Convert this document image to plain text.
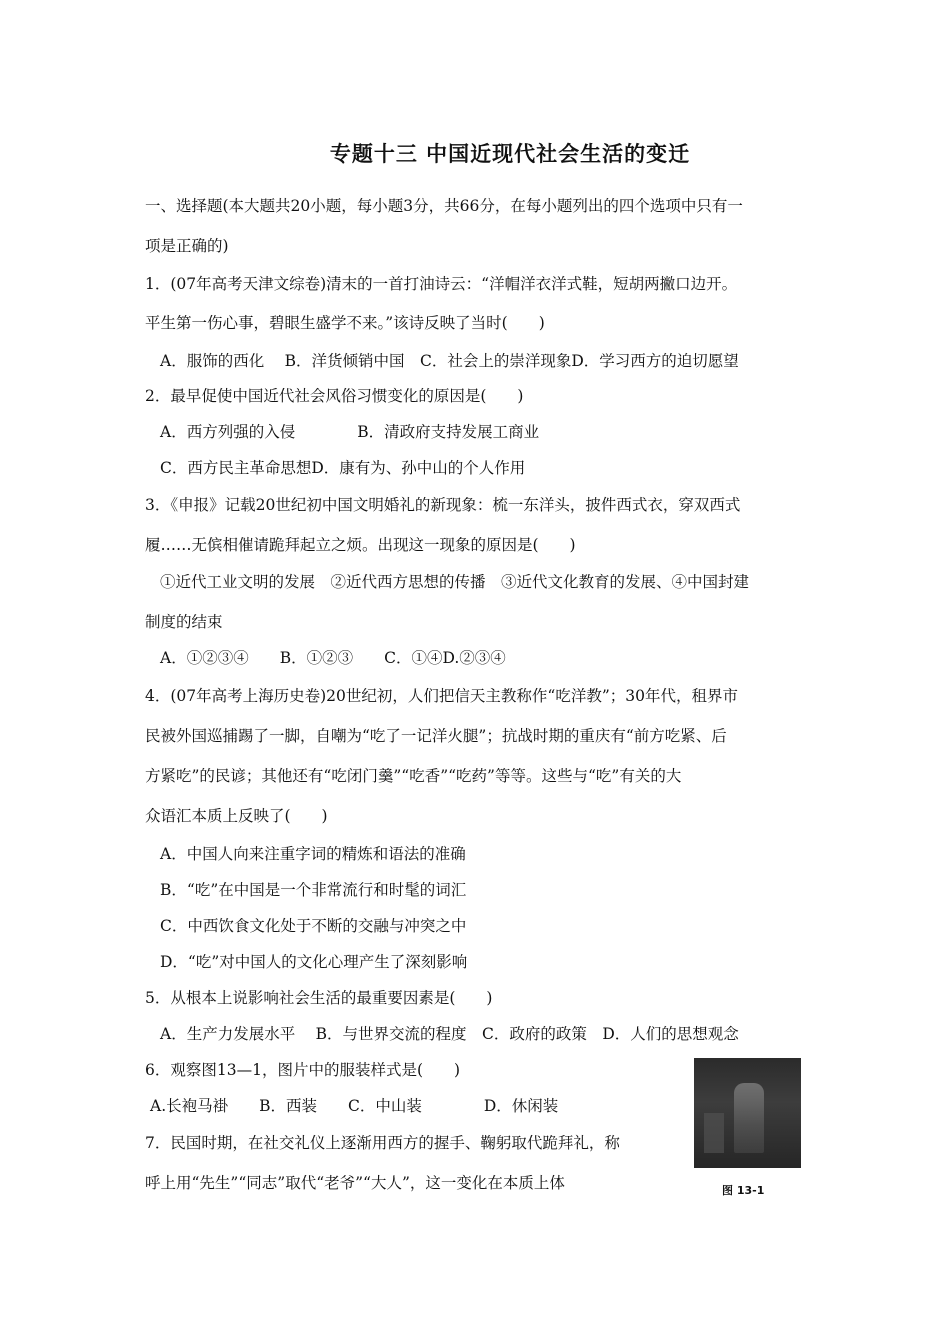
专题十三 中国近现代社会生活的变迁
一、选择题(本大题共20小题，每小题3分，共66分，在每小题列出的四个选项中只有一
项是正确的)
1．(07年高考天津文综卷)清末的一首打油诗云：“洋帽洋衣洋式鞋，短胡两撇口边开。
平生第一伤心事，碧眼生盛学不来。”该诗反映了当时(　　)
A．服饰的西化　 B．洋货倾销中国　C．社会上的崇洋现象D．学习西方的迫切愿望
2．最早促使中国近代社会风俗习惯变化的原因是(　　)
A．西方列强的入侵　　　　B．清政府支持发展工商业
C．西方民主革命思想D．康有为、孙中山的个人作用
3．《申报》记载20世纪初中国文明婚礼的新现象：梳一东洋头，披件西式衣，穿双西式
履……无傧相催请跪拜起立之烦。出现这一现象的原因是(　　)
①近代工业文明的发展　②近代西方思想的传播　③近代文化教育的发展、④中国封建
制度的结束
A．①②③④　　B．①②③　　C．①④D.②③④
4．(07年高考上海历史卷)20世纪初，人们把信天主教称作“吃洋教”；30年代，租界市
民被外国巡捕踢了一脚，自嘲为“吃了一记洋火腿”；抗战时期的重庆有“前方吃紧、后
方紧吃”的民谚；其他还有“吃闭门羹”“吃香”“吃药”等等。这些与“吃”有关的大
众语汇本质上反映了(　　)
A．中国人向来注重字词的精炼和语法的准确
B．“吃”在中国是一个非常流行和时髦的词汇
C．中西饮食文化处于不断的交融与冲突之中
D．“吃”对中国人的文化心理产生了深刻影响
5．从根本上说影响社会生活的最重要因素是(　　)
A．生产力发展水平　 B．与世界交流的程度　C．政府的政策　D．人们的思想观念
6．观察图13—1，图片中的服装样式是(　　)
A.长袍马褂　　B．西装　　C．中山装　　　　D．休闲装
7．民国时期，在社交礼仪上逐渐用西方的握手、鞠躬取代跪拜礼，称
呼上用“先生”“同志”取代“老爷”“大人”，这一变化在本质上体	图 13-1
